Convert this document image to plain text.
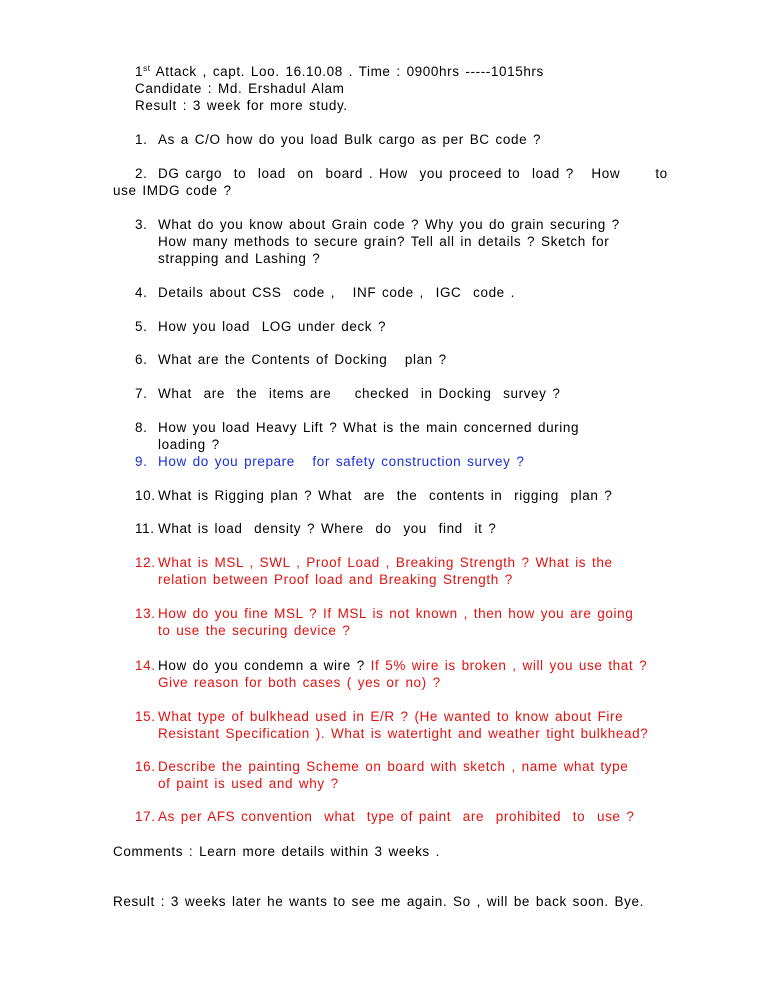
1st Attack , capt. Loo. 16.10.08 . Time : 0900hrs -----1015hrs
Candidate : Md. Ershadul Alam
Result : 3 week for more study.
1. As a C/O how do you load Bulk cargo as per BC code ?
2. DG cargo  to  load  on  board . How  you proceed to  load ?   How      to
use IMDG code ?
3. What do you know about Grain code ? Why you do grain securing ? How many methods to secure grain? Tell all in details ? Sketch for strapping and Lashing ?
4. Details about CSS  code ,   INF code ,  IGC  code .
5. How you load  LOG under deck ?
6. What are the Contents of Docking   plan ?
7. What  are  the  items are    checked  in Docking  survey ?
8. How you load Heavy Lift ? What is the main concerned during loading ?
9. How do you prepare   for safety construction survey ?
10. What is Rigging plan ? What  are  the  contents in  rigging  plan ?
11. What is load  density ? Where  do  you  find  it ?
12. What is MSL , SWL , Proof Load , Breaking Strength ? What is the relation between Proof load and Breaking Strength ?
13. How do you fine MSL ? If MSL is not known , then how you are going to use the securing device ?
14. How do you condemn a wire ? If 5% wire is broken , will you use that ? Give reason for both cases ( yes or no) ?
15. What type of bulkhead used in E/R ? (He wanted to know about Fire Resistant Specification ). What is watertight and weather tight bulkhead?
16. Describe the painting Scheme on board with sketch , name what type of paint is used and why ?
17. As per AFS convention  what  type of paint  are  prohibited  to  use ?
Comments : Learn more details within 3 weeks .
Result : 3 weeks later he wants to see me again. So , will be back soon. Bye.
